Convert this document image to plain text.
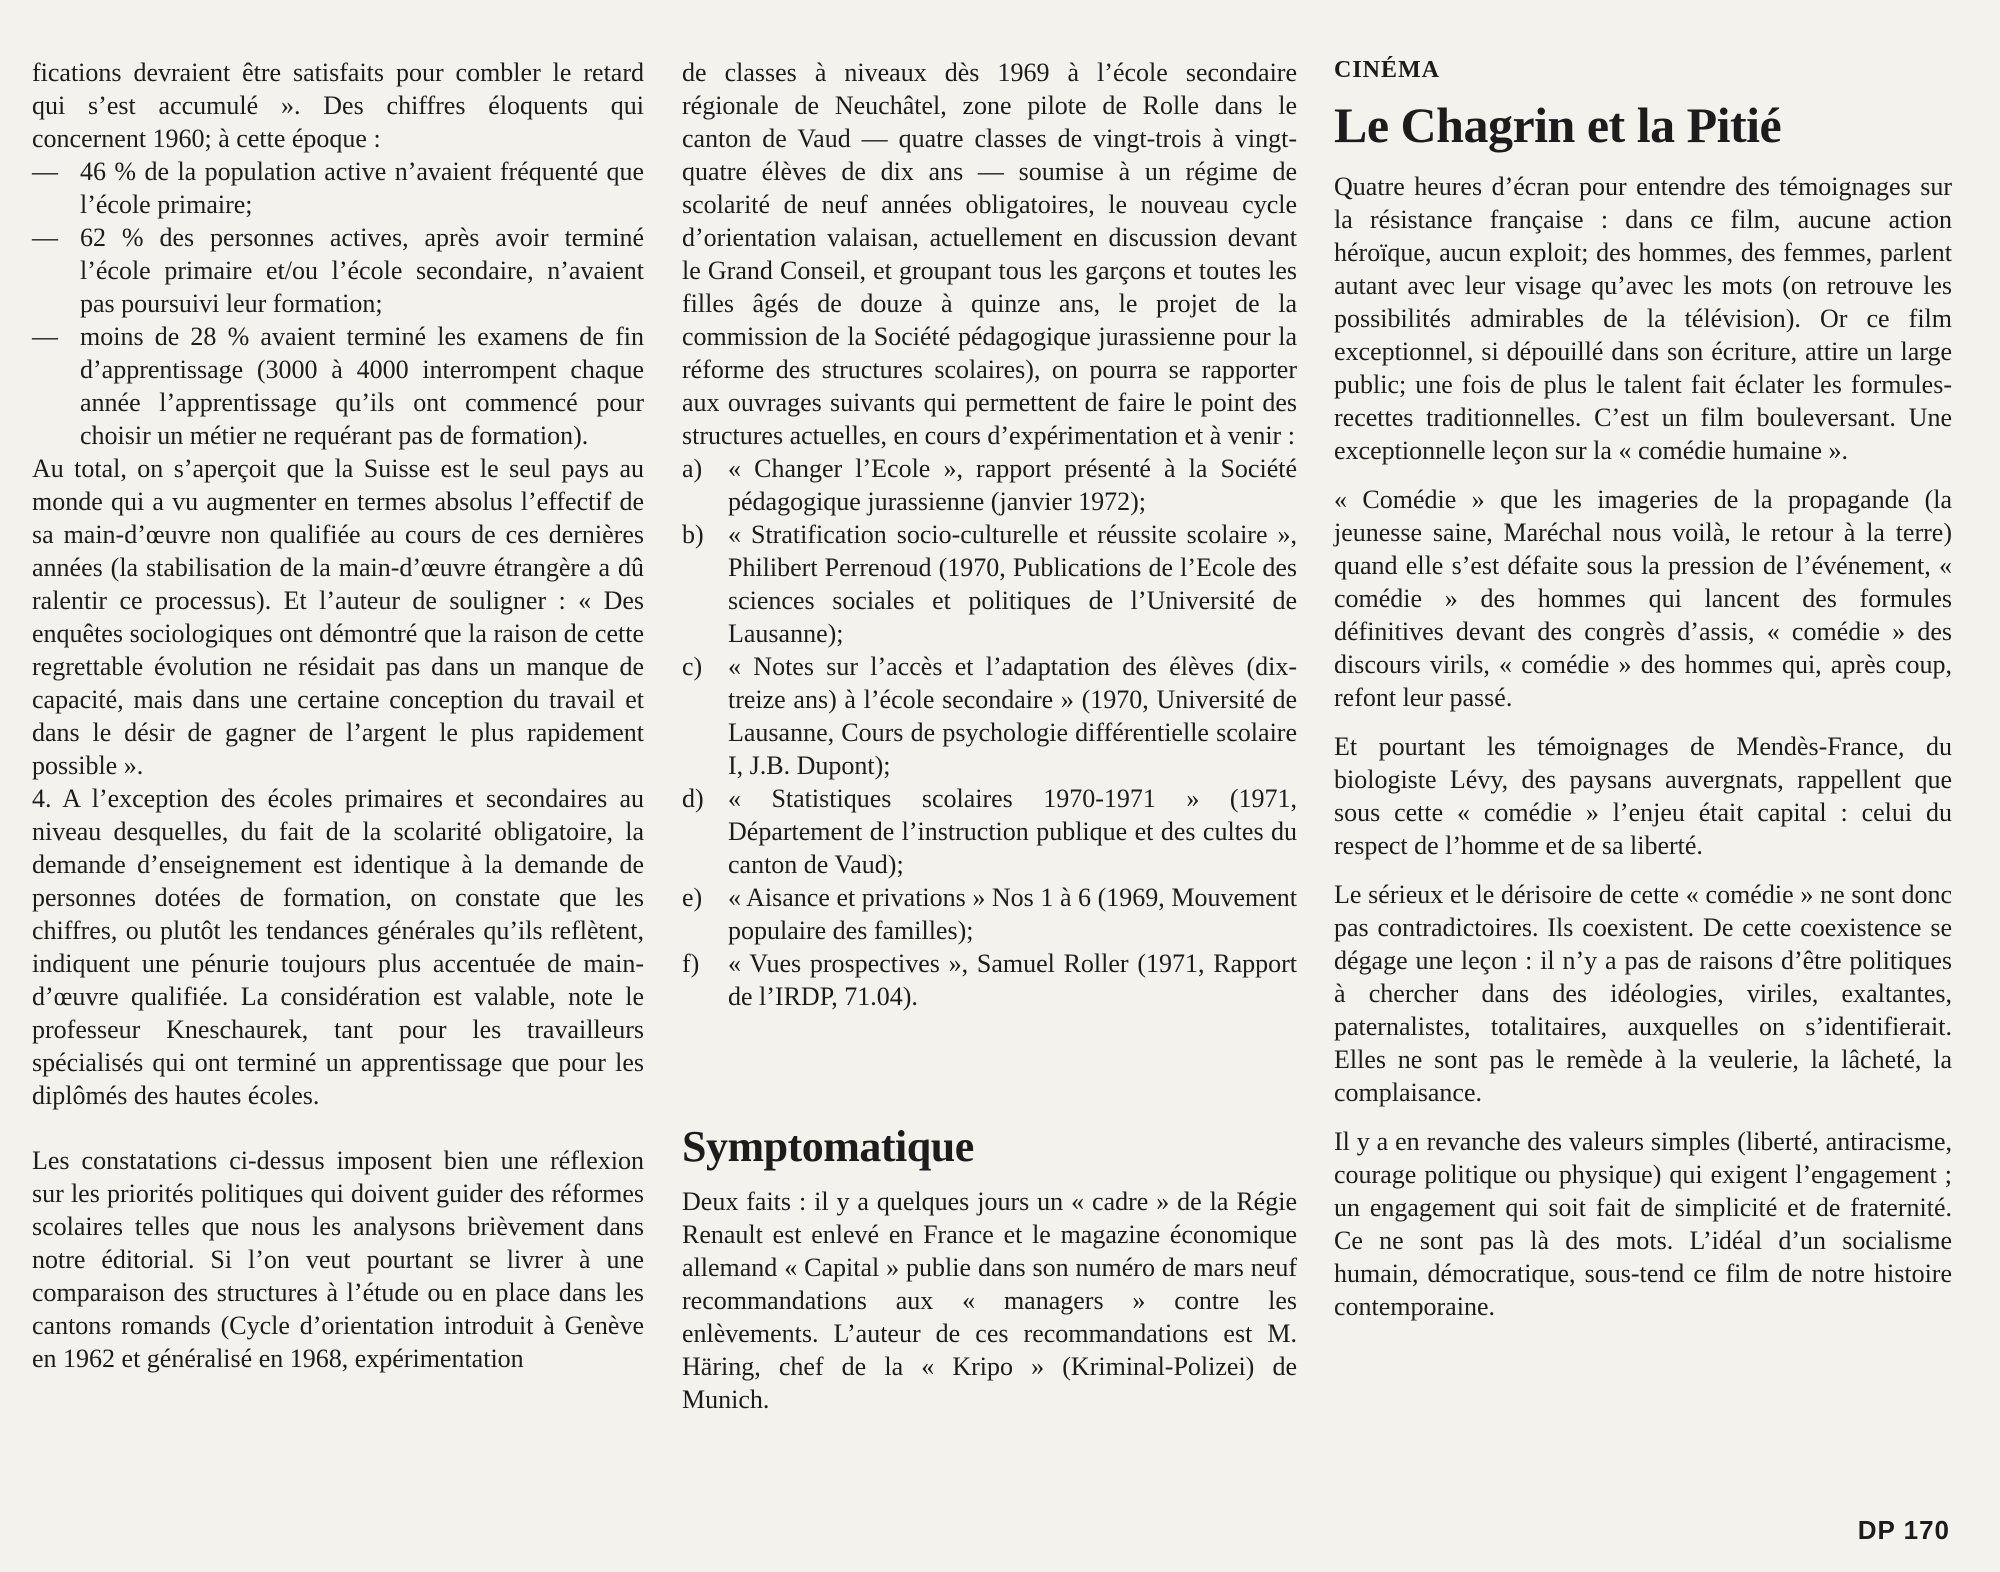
fications devraient être satisfaits pour combler le retard qui s’est accumulé ». Des chiffres éloquents qui concernent 1960; à cette époque :

— 46 % de la population active n’avaient fréquenté que l’école primaire;
— 62 % des personnes actives, après avoir terminé l’école primaire et/ou l’école secondaire, n’avaient pas poursuivi leur formation;
— moins de 28 % avaient terminé les examens de fin d’apprentissage (3000 à 4000 interrompent chaque année l’apprentissage qu’ils ont commencé pour choisir un métier ne requérant pas de formation).

Au total, on s’aperçoit que la Suisse est le seul pays au monde qui a vu augmenter en termes absolus l’effectif de sa main-d’œuvre non qualifiée au cours de ces dernières années (la stabilisation de la main-d’œuvre étrangère a dû ralentir ce processus). Et l’auteur de souligner : « Des enquêtes sociologiques ont démontré que la raison de cette regrettable évolution ne résidait pas dans un manque de capacité, mais dans une certaine conception du travail et dans le désir de gagner de l’argent le plus rapidement possible ».

4. A l’exception des écoles primaires et secondaires au niveau desquelles, du fait de la scolarité obligatoire, la demande d’enseignement est identique à la demande de personnes dotées de formation, on constate que les chiffres, ou plutôt les tendances générales qu’ils reflètent, indiquent une pénurie toujours plus accentuée de main-d’œuvre qualifiée. La considération est valable, note le professeur Kneschaurek, tant pour les travailleurs spécialisés qui ont terminé un apprentissage que pour les diplômés des hautes écoles.

Les constatations ci-dessus imposent bien une réflexion sur les priorités politiques qui doivent guider des réformes scolaires telles que nous les analysons brièvement dans notre éditorial. Si l’on veut pourtant se livrer à une comparaison des structures à l’étude ou en place dans les cantons romands (Cycle d’orientation introduit à Genève en 1962 et généralisé en 1968, expérimentation

de classes à niveaux dès 1969 à l’école secondaire régionale de Neuchâtel, zone pilote de Rolle dans le canton de Vaud — quatre classes de vingt-trois à vingt-quatre élèves de dix ans — soumise à un régime de scolarité de neuf années obligatoires, le nouveau cycle d’orientation valaisan, actuellement en discussion devant le Grand Conseil, et groupant tous les garçons et toutes les filles âgés de douze à quinze ans, le projet de la commission de la Société pédagogique jurassienne pour la réforme des structures scolaires), on pourra se rapporter aux ouvrages suivants qui permettent de faire le point des structures actuelles, en cours d’expérimentation et à venir :

a) « Changer l’Ecole », rapport présenté à la Société pédagogique jurassienne (janvier 1972);
b) « Stratification socio-culturelle et réussite scolaire », Philibert Perrenoud (1970, Publications de l’Ecole des sciences sociales et politiques de l’Université de Lausanne);
c) « Notes sur l’accès et l’adaptation des élèves (dix-treize ans) à l’école secondaire » (1970, Université de Lausanne, Cours de psychologie différentielle scolaire I, J.B. Dupont);
d) « Statistiques scolaires 1970-1971 » (1971, Département de l’instruction publique et des cultes du canton de Vaud);
e) « Aisance et privations » Nos 1 à 6 (1969, Mouvement populaire des familles);
f) « Vues prospectives », Samuel Roller (1971, Rapport de l’IRDP, 71.04).
Symptomatique

Deux faits : il y a quelques jours un « cadre » de la Régie Renault est enlevé en France et le magazine économique allemand « Capital » publie dans son numéro de mars neuf recommandations aux « managers » contre les enlèvements. L’auteur de ces recommandations est M. Häring, chef de la « Kripo » (Kriminal-Polizei) de Munich.

CINÉMA
Le Chagrin et la Pitié

Quatre heures d’écran pour entendre des témoignages sur la résistance française : dans ce film, aucune action héroïque, aucun exploit; des hommes, des femmes, parlent autant avec leur visage qu’avec les mots (on retrouve les possibilités admirables de la télévision). Or ce film exceptionnel, si dépouillé dans son écriture, attire un large public; une fois de plus le talent fait éclater les formules-recettes traditionnelles. C’est un film bouleversant. Une exceptionnelle leçon sur la « comédie humaine ».

« Comédie » que les imageries de la propagande (la jeunesse saine, Maréchal nous voilà, le retour à la terre) quand elle s’est défaite sous la pression de l’événement, « comédie » des hommes qui lancent des formules définitives devant des congrès d’assis, « comédie » des discours virils, « comédie » des hommes qui, après coup, refont leur passé.

Et pourtant les témoignages de Mendès-France, du biologiste Lévy, des paysans auvergnats, rappellent que sous cette « comédie » l’enjeu était capital : celui du respect de l’homme et de sa liberté.

Le sérieux et le dérisoire de cette « comédie » ne sont donc pas contradictoires. Ils coexistent. De cette coexistence se dégage une leçon : il n’y a pas de raisons d’être politiques à chercher dans des idéologies, viriles, exaltantes, paternalistes, totalitaires, auxquelles on s’identifierait. Elles ne sont pas le remède à la veulerie, la lâcheté, la complaisance.

Il y a en revanche des valeurs simples (liberté, antiracisme, courage politique ou physique) qui exigent l’engagement ; un engagement qui soit fait de simplicité et de fraternité. Ce ne sont pas là des mots. L’idéal d’un socialisme humain, démocratique, sous-tend ce film de notre histoire contemporaine.

DP 170
